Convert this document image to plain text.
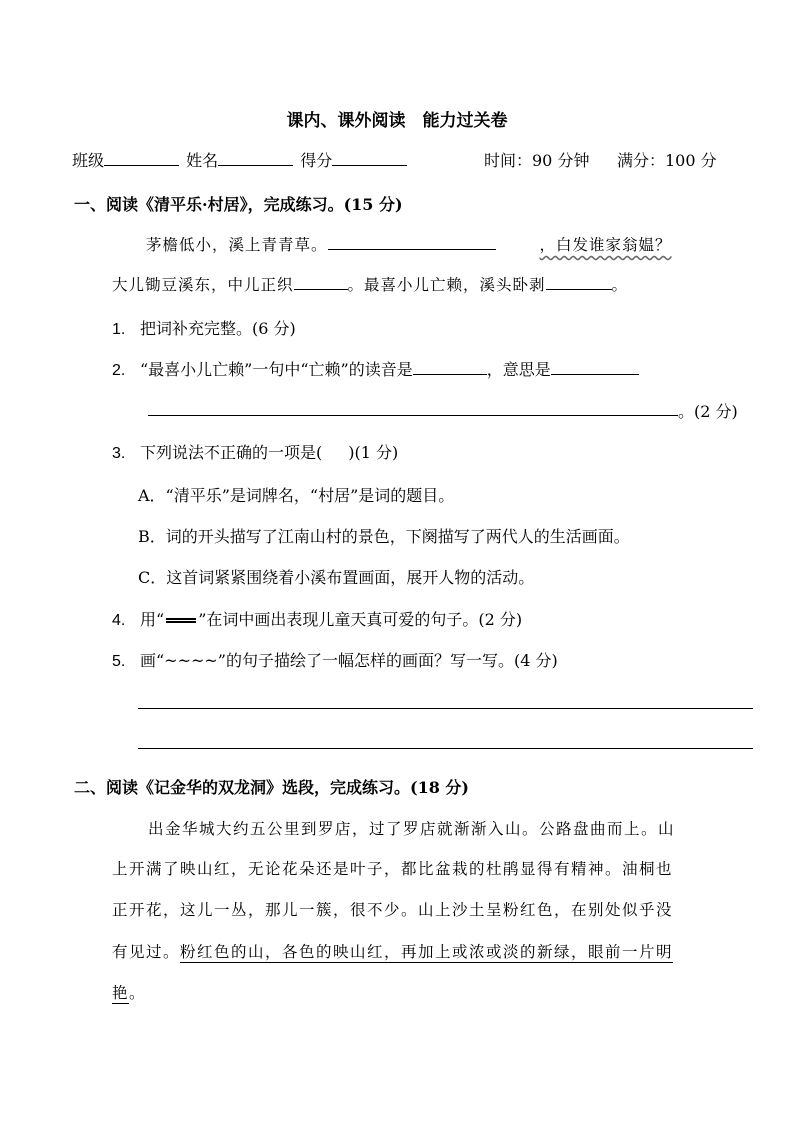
课内、课外阅读　能力过关卷
班级	姓名	得分	时间：90 分钟 满分：100 分
一、阅读《清平乐·村居》，完成练习。(15 分)
茅檐低小，溪上青青草。	，白发谁家翁媪？
大儿锄豆溪东，中儿正织	。最喜小儿亡赖，溪头卧剥	。
1. 把词补充完整。(6 分)
2. “最喜小儿亡赖”一句中“亡赖”的读音是	，意思是
。(2 分)
3. 下列说法不正确的一项是( )(1 分)
A．“清平乐”是词牌名，“村居”是词的题目。
B．词的开头描写了江南山村的景色，下阕描写了两代人的生活画面。
C．这首词紧紧围绕着小溪布置画面，展开人物的活动。
4. 用“ ”在词中画出表现儿童天真可爱的句子。(2 分)
5. 画“~~~~”的句子描绘了一幅怎样的画面？写一写。(4 分)
二、阅读《记金华的双龙洞》选段，完成练习。(18 分)
出金华城大约五公里到罗店，过了罗店就渐渐入山。公路盘曲而上。山
上开满了映山红，无论花朵还是叶子，都比盆栽的杜鹃显得有精神。油桐也
正开花，这儿一丛，那儿一簇，很不少。山上沙土呈粉红色，在别处似乎没
有见过。粉红色的山，各色的映山红，再加上或浓或淡的新绿，眼前一片明
艳。
